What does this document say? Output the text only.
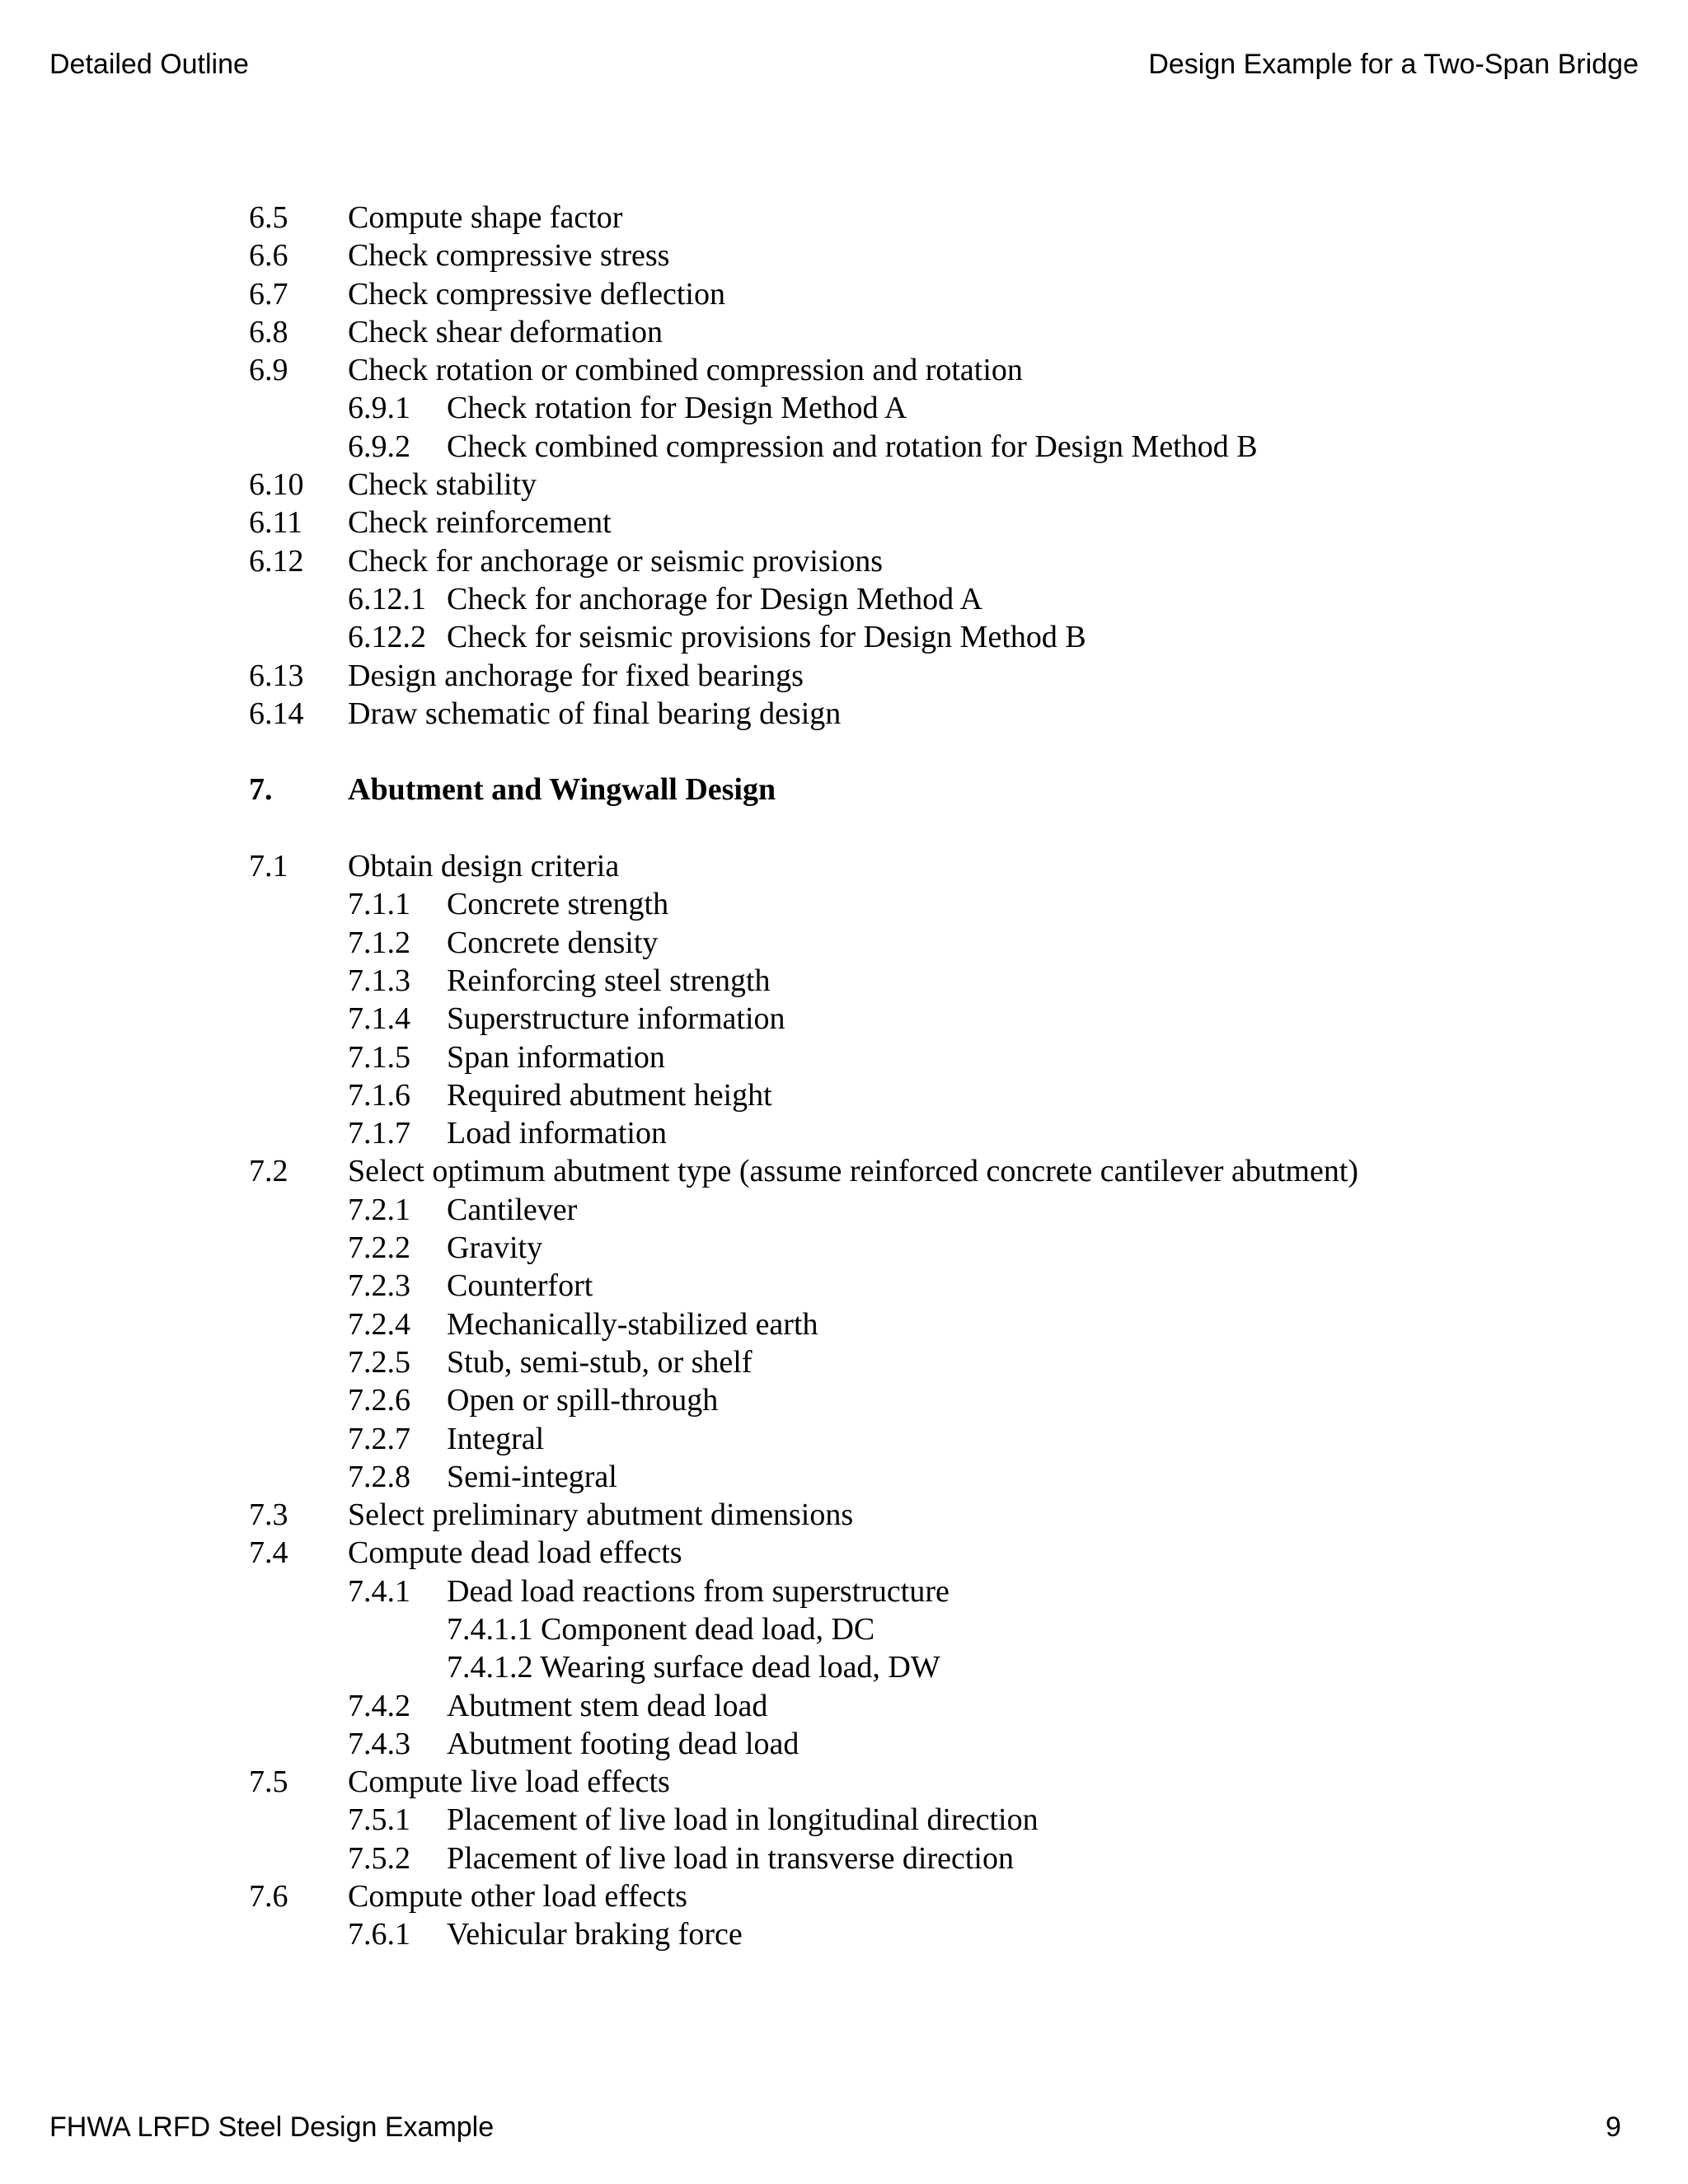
Detailed Outline	Design Example for a Two-Span Bridge
6.5 Compute shape factor
6.6 Check compressive stress
6.7 Check compressive deflection
6.8 Check shear deformation
6.9 Check rotation or combined compression and rotation
6.9.1 Check rotation for Design Method A
6.9.2 Check combined compression and rotation for Design Method B
6.10 Check stability
6.11 Check reinforcement
6.12 Check for anchorage or seismic provisions
6.12.1 Check for anchorage for Design Method A
6.12.2 Check for seismic provisions for Design Method B
6.13 Design anchorage for fixed bearings
6.14 Draw schematic of final bearing design
7. Abutment and Wingwall Design
7.1 Obtain design criteria
7.1.1 Concrete strength
7.1.2 Concrete density
7.1.3 Reinforcing steel strength
7.1.4 Superstructure information
7.1.5 Span information
7.1.6 Required abutment height
7.1.7 Load information
7.2 Select optimum abutment type (assume reinforced concrete cantilever abutment)
7.2.1 Cantilever
7.2.2 Gravity
7.2.3 Counterfort
7.2.4 Mechanically-stabilized earth
7.2.5 Stub, semi-stub, or shelf
7.2.6 Open or spill-through
7.2.7 Integral
7.2.8 Semi-integral
7.3 Select preliminary abutment dimensions
7.4 Compute dead load effects
7.4.1 Dead load reactions from superstructure
7.4.1.1 Component dead load, DC
7.4.1.2 Wearing surface dead load, DW
7.4.2 Abutment stem dead load
7.4.3 Abutment footing dead load
7.5 Compute live load effects
7.5.1 Placement of live load in longitudinal direction
7.5.2 Placement of live load in transverse direction
7.6 Compute other load effects
7.6.1 Vehicular braking force
FHWA LRFD Steel Design Example	9
